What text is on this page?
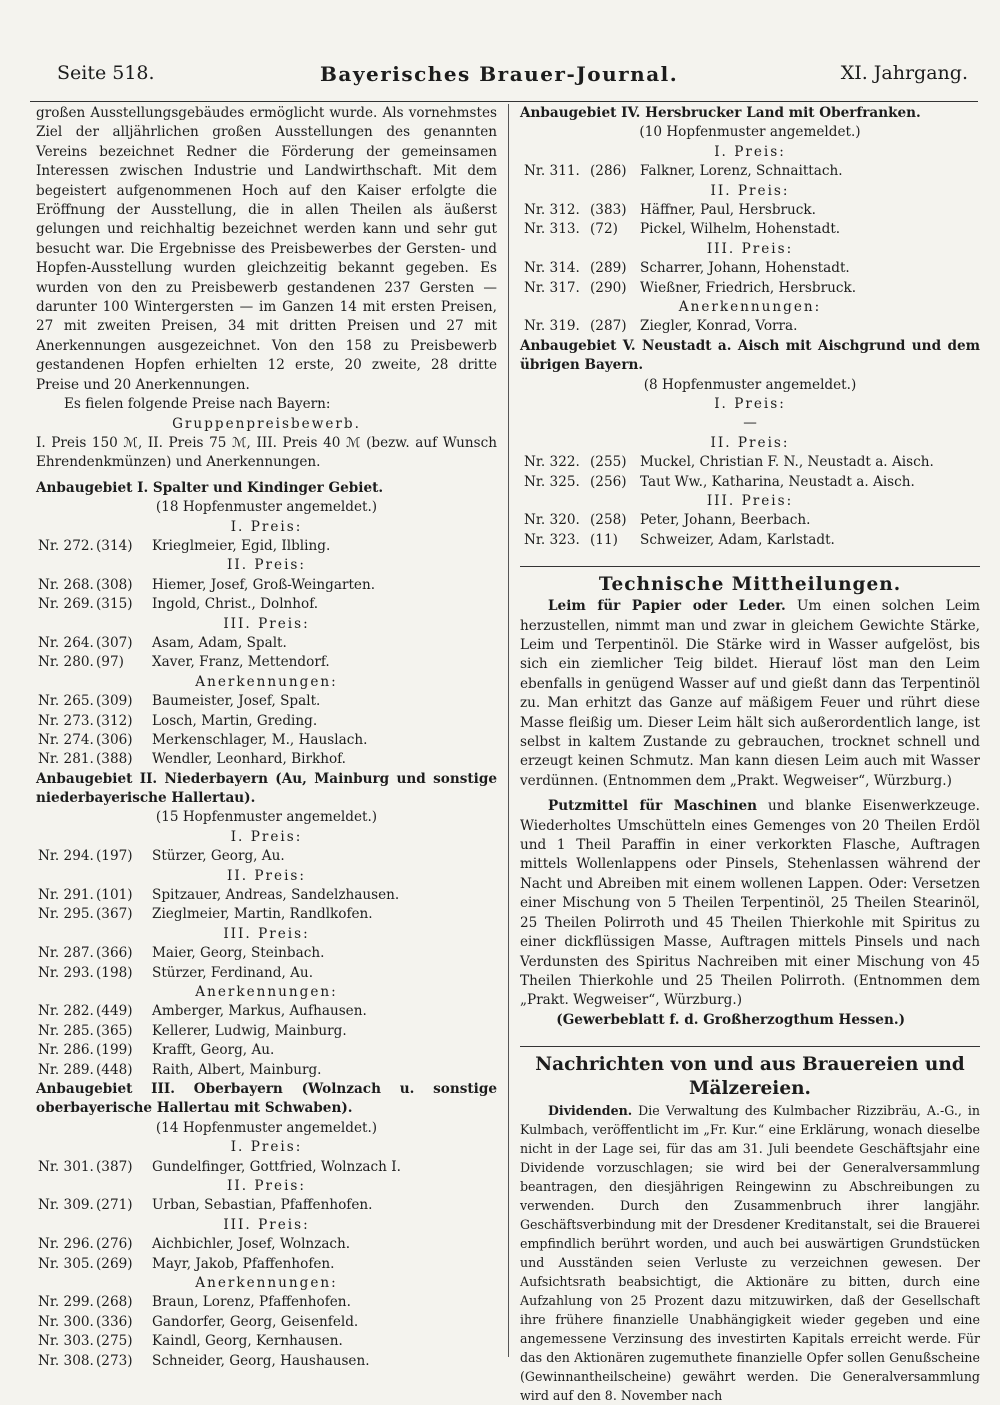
Seite 518.	Bayerisches Brauer-Journal.	XI. Jahrgang.

großen Ausstellungsgebäudes ermöglicht wurde. Als vornehmstes Ziel der alljährlichen großen Ausstellungen des genannten Vereins bezeichnet Redner die Förderung der gemeinsamen Interessen zwischen Industrie und Landwirthschaft. Mit dem begeistert aufgenommenen Hoch auf den Kaiser erfolgte die Eröffnung der Ausstellung, die in allen Theilen als äußerst gelungen und reichhaltig bezeichnet werden kann und sehr gut besucht war. Die Ergebnisse des Preisbewerbes der Gersten- und Hopfen-Ausstellung wurden gleichzeitig bekannt gegeben. Es wurden von den zu Preisbewerb gestandenen 237 Gersten — darunter 100 Wintergersten — im Ganzen 14 mit ersten Preisen, 27 mit zweiten Preisen, 34 mit dritten Preisen und 27 mit Anerkennungen ausgezeichnet. Von den 158 zu Preisbewerb gestandenen Hopfen erhielten 12 erste, 20 zweite, 28 dritte Preise und 20 Anerkennungen.

Es fielen folgende Preise nach Bayern:

Gruppenpreisbewerb.

I. Preis 150 ℳ, II. Preis 75 ℳ, III. Preis 40 ℳ (bezw. auf Wunsch Ehrendenkmünzen) und Anerkennungen.

Anbaugebiet I. Spalter und Kindinger Gebiet.

(18 Hopfenmuster angemeldet.)

I. Preis:

Nr. 272. (314) Krieglmeier, Egid, Ilbling.

II. Preis:

Nr. 268. (308) Hiemer, Josef, Groß-Weingarten.
Nr. 269. (315) Ingold, Christ., Dolnhof.

III. Preis:

Nr. 264. (307) Asam, Adam, Spalt.
Nr. 280. (97) Xaver, Franz, Mettendorf.

Anerkennungen:

Nr. 265. (309) Baumeister, Josef, Spalt.
Nr. 273. (312) Losch, Martin, Greding.
Nr. 274. (306) Merkenschlager, M., Hauslach.
Nr. 281. (388) Wendler, Leonhard, Birkhof.

Anbaugebiet II. Niederbayern (Au, Mainburg und sonstige niederbayerische Hallertau).

(15 Hopfenmuster angemeldet.)

I. Preis:

Nr. 294. (197) Stürzer, Georg, Au.

II. Preis:

Nr. 291. (101) Spitzauer, Andreas, Sandelzhausen.
Nr. 295. (367) Zieglmeier, Martin, Randlkofen.

III. Preis:

Nr. 287. (366) Maier, Georg, Steinbach.
Nr. 293. (198) Stürzer, Ferdinand, Au.

Anerkennungen:

Nr. 282. (449) Amberger, Markus, Aufhausen.
Nr. 285. (365) Kellerer, Ludwig, Mainburg.
Nr. 286. (199) Krafft, Georg, Au.
Nr. 289. (448) Raith, Albert, Mainburg.

Anbaugebiet III. Oberbayern (Wolnzach u. sonstige oberbayerische Hallertau mit Schwaben).

(14 Hopfenmuster angemeldet.)

I. Preis:

Nr. 301. (387) Gundelfinger, Gottfried, Wolnzach I.

II. Preis:

Nr. 309. (271) Urban, Sebastian, Pfaffenhofen.

III. Preis:

Nr. 296. (276) Aichbichler, Josef, Wolnzach.
Nr. 305. (269) Mayr, Jakob, Pfaffenhofen.

Anerkennungen:

Nr. 299. (268) Braun, Lorenz, Pfaffenhofen.
Nr. 300. (336) Gandorfer, Georg, Geisenfeld.
Nr. 303. (275) Kaindl, Georg, Kernhausen.
Nr. 308. (273) Schneider, Georg, Haushausen.

Anbaugebiet IV. Hersbrucker Land mit Oberfranken.

(10 Hopfenmuster angemeldet.)

I. Preis:

Nr. 311. (286) Falkner, Lorenz, Schnaittach.

II. Preis:

Nr. 312. (383) Häffner, Paul, Hersbruck.
Nr. 313. (72) Pickel, Wilhelm, Hohenstadt.

III. Preis:

Nr. 314. (289) Scharrer, Johann, Hohenstadt.
Nr. 317. (290) Wießner, Friedrich, Hersbruck.

Anerkennungen:

Nr. 319. (287) Ziegler, Konrad, Vorra.

Anbaugebiet V. Neustadt a. Aisch mit Aischgrund und dem übrigen Bayern.

(8 Hopfenmuster angemeldet.)

I. Preis:

—

II. Preis:

Nr. 322. (255) Muckel, Christian F. N., Neustadt a. Aisch.
Nr. 325. (256) Taut Ww., Katharina, Neustadt a. Aisch.

III. Preis:

Nr. 320. (258) Peter, Johann, Beerbach.
Nr. 323. (11) Schweizer, Adam, Karlstadt.
Technische Mittheilungen.

Leim für Papier oder Leder. Um einen solchen Leim herzustellen, nimmt man und zwar in gleichem Gewichte Stärke, Leim und Terpentinöl. Die Stärke wird in Wasser aufgelöst, bis sich ein ziemlicher Teig bildet. Hierauf löst man den Leim ebenfalls in genügend Wasser auf und gießt dann das Terpentinöl zu. Man erhitzt das Ganze auf mäßigem Feuer und rührt diese Masse fleißig um. Dieser Leim hält sich außerordentlich lange, ist selbst in kaltem Zustande zu gebrauchen, trocknet schnell und erzeugt keinen Schmutz. Man kann diesen Leim auch mit Wasser verdünnen. (Entnommen dem „Prakt. Wegweiser“, Würzburg.)

Putzmittel für Maschinen und blanke Eisenwerkzeuge. Wiederholtes Umschütteln eines Gemenges von 20 Theilen Erdöl und 1 Theil Paraffin in einer verkorkten Flasche, Auftragen mittels Wollenlappens oder Pinsels, Stehenlassen während der Nacht und Abreiben mit einem wollenen Lappen. Oder: Versetzen einer Mischung von 5 Theilen Terpentinöl, 25 Theilen Stearinöl, 25 Theilen Polirroth und 45 Theilen Thierkohle mit Spiritus zu einer dickflüssigen Masse, Auftragen mittels Pinsels und nach Verdunsten des Spiritus Nachreiben mit einer Mischung von 45 Theilen Thierkohle und 25 Theilen Polirroth. (Entnommen dem „Prakt. Wegweiser“, Würzburg.)

(Gewerbeblatt f. d. Großherzogthum Hessen.)

Nachrichten von und aus Brauereien und Mälzereien.

Dividenden. Die Verwaltung des Kulmbacher Rizzibräu, A.-G., in Kulmbach, veröffentlicht im „Fr. Kur.“ eine Erklärung, wonach dieselbe nicht in der Lage sei, für das am 31. Juli beendete Geschäftsjahr eine Dividende vorzuschlagen; sie wird bei der Generalversammlung beantragen, den diesjährigen Reingewinn zu Abschreibungen zu verwenden. Durch den Zusammenbruch ihrer langjähr. Geschäftsverbindung mit der Dresdener Kreditanstalt, sei die Brauerei empfindlich berührt worden, und auch bei auswärtigen Grundstücken und Ausständen seien Verluste zu verzeichnen gewesen. Der Aufsichtsrath beabsichtigt, die Aktionäre zu bitten, durch eine Aufzahlung von 25 Prozent dazu mitzuwirken, daß der Gesellschaft ihre frühere finanzielle Unabhängigkeit wieder gegeben und eine angemessene Verzinsung des investirten Kapitals erreicht werde. Für das den Aktionären zugemuthete finanzielle Opfer sollen Genußscheine (Gewinnantheilscheine) gewährt werden. Die Generalversammlung wird auf den 8. November nach
